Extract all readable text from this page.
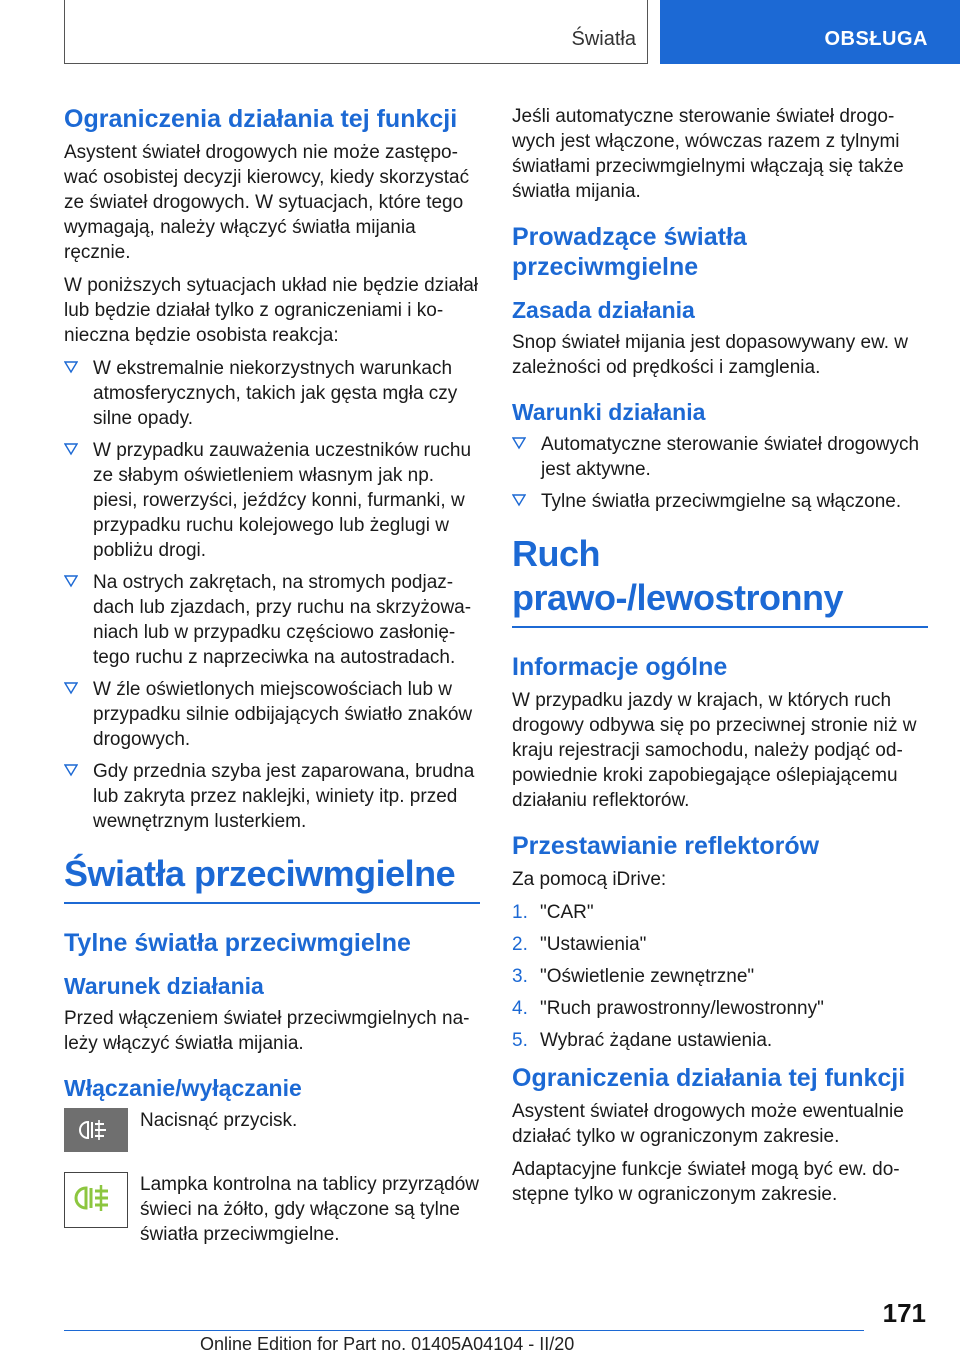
Światła	OBSŁUGA
Ograniczenia działania tej funkcji

Asystent świateł drogowych nie może zastępować osobistej decyzji kierowcy, kiedy skorzystać ze świateł drogowych. W sytuacjach, które tego wymagają, należy włączyć światła mijania ręcznie.

W poniższych sytuacjach układ nie będzie działał lub będzie działał tylko z ograniczeniami i konieczna będzie osobista reakcja:

W ekstremalnie niekorzystnych warunkach atmosferycznych, takich jak gęsta mgła czy silne opady.
W przypadku zauważenia uczestników ruchu ze słabym oświetleniem własnym jak np. piesi, rowerzyści, jeźdźcy konni, furmanki, w przypadku ruchu kolejowego lub żeglugi w pobliżu drogi.
Na ostrych zakrętach, na stromych podjazdach lub zjazdach, przy ruchu na skrzyżowaniach lub w przypadku częściowo zasłoniętego ruchu z naprzeciwka na autostradach.
W źle oświetlonych miejscowościach lub w przypadku silnie odbijających światło znaków drogowych.
Gdy przednia szyba jest zaparowana, brudna lub zakryta przez naklejki, winiety itp. przed wewnętrznym lusterkiem.
Światła przeciwmgielne
Tylne światła przeciwmgielne
Warunek działania

Przed włączeniem świateł przeciwmgielnych należy włączyć światła mijania.

Włączanie/wyłączanie
Nacisnąć przycisk.
Lampka kontrolna na tablicy przyrządów świeci na żółto, gdy włączone są tylne światła przeciwmgielne.

Jeśli automatyczne sterowanie świateł drogowych jest włączone, wówczas razem z tylnymi światłami przeciwmgielnymi włączają się także światła mijania.

Prowadzące światła przeciwmgielne
Zasada działania

Snop świateł mijania jest dopasowywany ew. w zależności od prędkości i zamglenia.

Warunki działania
Automatyczne sterowanie świateł drogowych jest aktywne.
Tylne światła przeciwmgielne są włączone.
Ruch prawo-/lewostronny
Informacje ogólne

W przypadku jazdy w krajach, w których ruch drogowy odbywa się po przeciwnej stronie niż w kraju rejestracji samochodu, należy podjąć odpowiednie kroki zapobiegające oślepiającemu działaniu reflektorów.

Przestawianie reflektorów

Za pomocą iDrive:

1. "CAR"
2. "Ustawienia"
3. "Oświetlenie zewnętrzne"
4. "Ruch prawostronny/lewostronny"
5. Wybrać żądane ustawienia.
Ograniczenia działania tej funkcji

Asystent świateł drogowych może ewentualnie działać tylko w ograniczonym zakresie.

Adaptacyjne funkcje świateł mogą być ew. dostępne tylko w ograniczonym zakresie.

171
Online Edition for Part no. 01405A04104 - II/20
